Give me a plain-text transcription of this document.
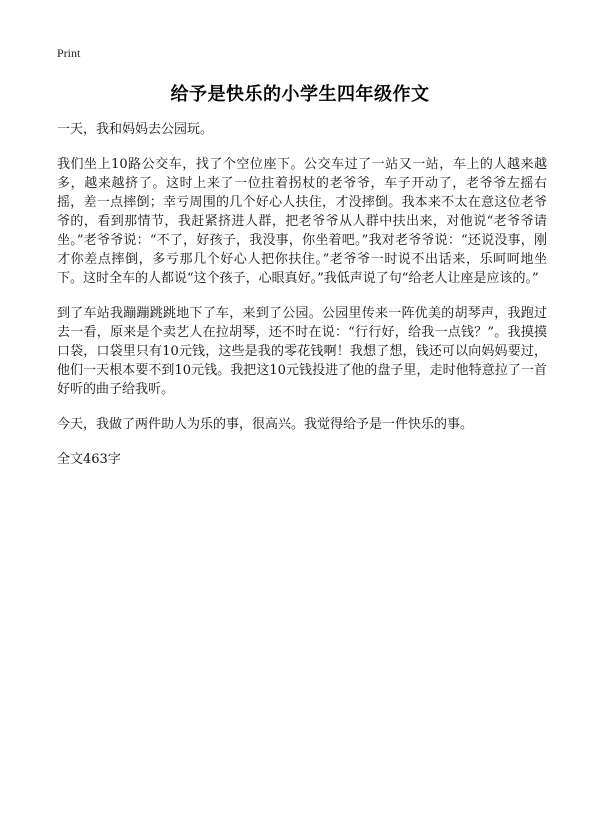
Print
给予是快乐的小学生四年级作文

一天，我和妈妈去公园玩。

我们坐上10路公交车，找了个空位座下。公交车过了一站又一站，车上的人越来越多，越来越挤了。这时上来了一位拄着拐杖的老爷爷，车子开动了，老爷爷左摇右摇，差一点摔倒；幸亏周围的几个好心人扶住，才没摔倒。我本来不太在意这位老爷爷的，看到那情节，我赶紧挤进人群，把老爷爷从人群中扶出来，对他说“老爷爷请坐。”老爷爷说：“不了，好孩子，我没事，你坐着吧。”我对老爷爷说：“还说没事，刚才你差点摔倒，多亏那几个好心人把你扶住。”老爷爷一时说不出话来，乐呵呵地坐下。这时全车的人都说“这个孩子，心眼真好。”我低声说了句“给老人让座是应该的。”

到了车站我蹦蹦跳跳地下了车，来到了公园。公园里传来一阵优美的胡琴声，我跑过去一看，原来是个卖艺人在拉胡琴，还不时在说：“行行好，给我一点钱？”。我摸摸口袋，口袋里只有10元钱，这些是我的零花钱啊！我想了想，钱还可以向妈妈要过，他们一天根本要不到10元钱。我把这10元钱投进了他的盘子里，走时他特意拉了一首好听的曲子给我听。

今天，我做了两件助人为乐的事，很高兴。我觉得给予是一件快乐的事。

全文463字
